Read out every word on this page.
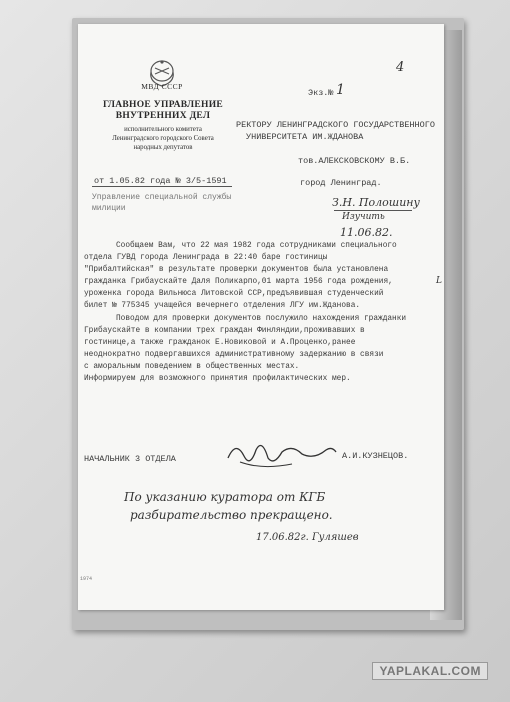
МВД СССР
ГЛАВНОЕ УПРАВЛЕНИЕ
ВНУТРЕННИХ ДЕЛ
исполнительного комитета
Ленинградского городского Совета
народных депутатов
4
Экз.№ 1
РЕКТОРУ ЛЕНИНГРАДСКОГО ГОСУДАРСТВЕННОГО
УНИВЕРСИТЕТА ИМ.ЖДАНОВА
тов.АЛЕКСКОВСКОМУ В.Б.
город Ленинград.
от 1.05.82 года № 3/5-1591
Управление специальной службы
милиции	З.Н. Полошину
Изучить
11.06.82.
Сообщаем Вам, что 22 мая 1982 года сотрудниками специального
отдела ГУВД города Ленинграда в 22:40 баре гостиницы
"Прибалтийская" в результате проверки документов была установлена
гражданка Грибаускайте Даля Поликарпо,01 марта 1956 года рождения,
уроженка города Вильнюса Литовской ССР,предъявившая студенческий
билет № 775345 учащейся вечернего отделения ЛГУ им.Жданова.
Поводом для проверки документов послужило нахождения гражданки
Грибаускайте в компании трех граждан Финляндии,проживавших в
гостинице,а также гражданок Е.Новиковой и А.Проценко,ранее
неоднократно подвергавшихся административному задержанию в связи
с аморальным поведением в общественных местах.
Информируем для возможного принятия профилактических мер.
L
НАЧАЛЬНИК 3 ОТДЕЛА	А.И.КУЗНЕЦОВ.
По указанию куратора от КГБ
разбирательство прекращено.
17.06.82г. Гуляшев
1974
YAPLAKAL.COM
